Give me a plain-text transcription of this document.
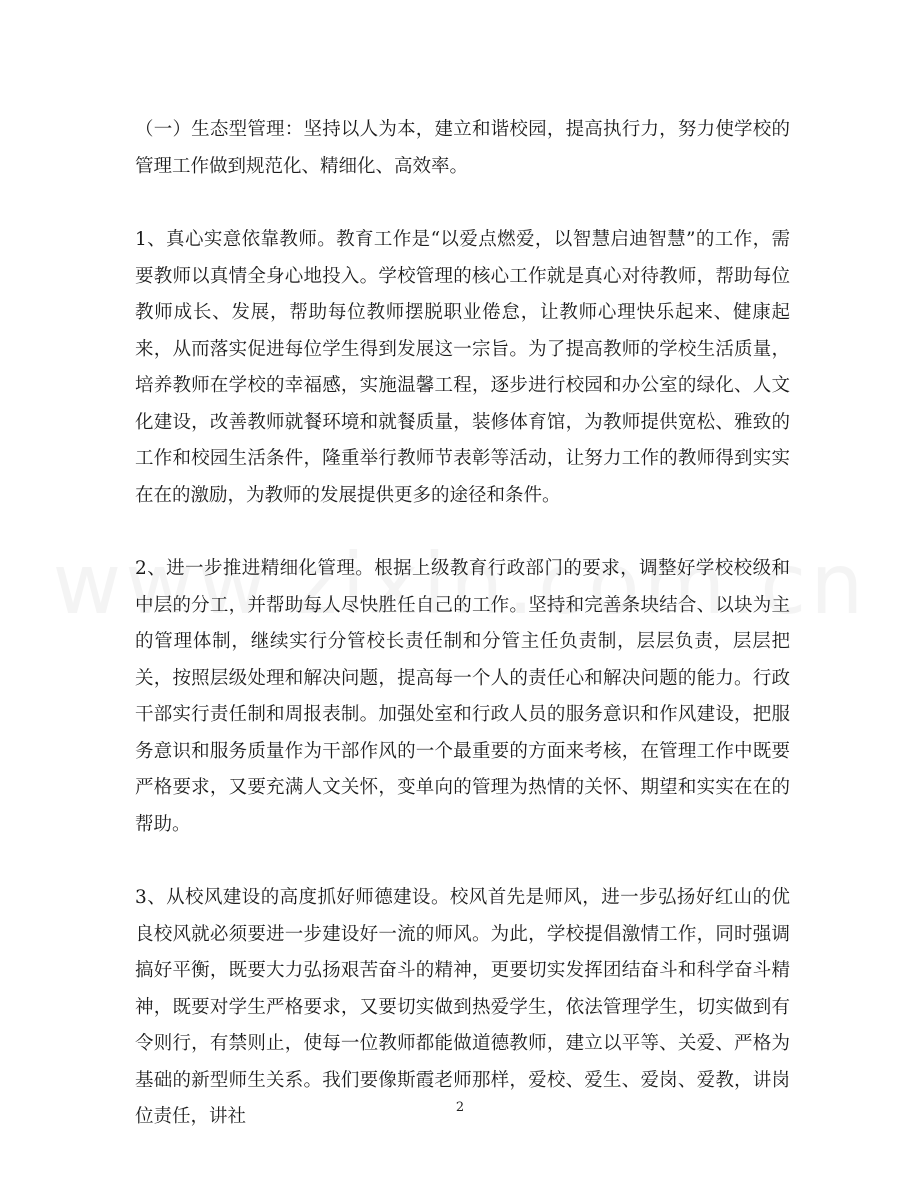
（一）生态型管理：坚持以人为本，建立和谐校园，提高执行力，努力使学校的管理工作做到规范化、精细化、高效率。

1、真心实意依靠教师。教育工作是“以爱点燃爱，以智慧启迪智慧”的工作，需要教师以真情全身心地投入。学校管理的核心工作就是真心对待教师，帮助每位教师成长、发展，帮助每位教师摆脱职业倦怠，让教师心理快乐起来、健康起来，从而落实促进每位学生得到发展这一宗旨。为了提高教师的学校生活质量，培养教师在学校的幸福感，实施温馨工程，逐步进行校园和办公室的绿化、人文化建设，改善教师就餐环境和就餐质量，装修体育馆，为教师提供宽松、雅致的工作和校园生活条件，隆重举行教师节表彰等活动，让努力工作的教师得到实实在在的激励，为教师的发展提供更多的途径和条件。

2、进一步推进精细化管理。根据上级教育行政部门的要求，调整好学校校级和中层的分工，并帮助每人尽快胜任自己的工作。坚持和完善条块结合、以块为主的管理体制，继续实行分管校长责任制和分管主任负责制，层层负责，层层把关，按照层级处理和解决问题，提高每一个人的责任心和解决问题的能力。行政干部实行责任制和周报表制。加强处室和行政人员的服务意识和作风建设，把服务意识和服务质量作为干部作风的一个最重要的方面来考核，在管理工作中既要严格要求，又要充满人文关怀，变单向的管理为热情的关怀、期望和实实在在的帮助。

3、从校风建设的高度抓好师德建设。校风首先是师风，进一步弘扬好红山的优良校风就必须要进一步建设好一流的师风。为此，学校提倡激情工作，同时强调搞好平衡，既要大力弘扬艰苦奋斗的精神，更要切实发挥团结奋斗和科学奋斗精神，既要对学生严格要求，又要切实做到热爱学生，依法管理学生，切实做到有令则行，有禁则止，使每一位教师都能做道德教师，建立以平等、关爱、严格为基础的新型师生关系。我们要像斯霞老师那样，爱校、爱生、爱岗、爱教，讲岗位责任，讲社	2
